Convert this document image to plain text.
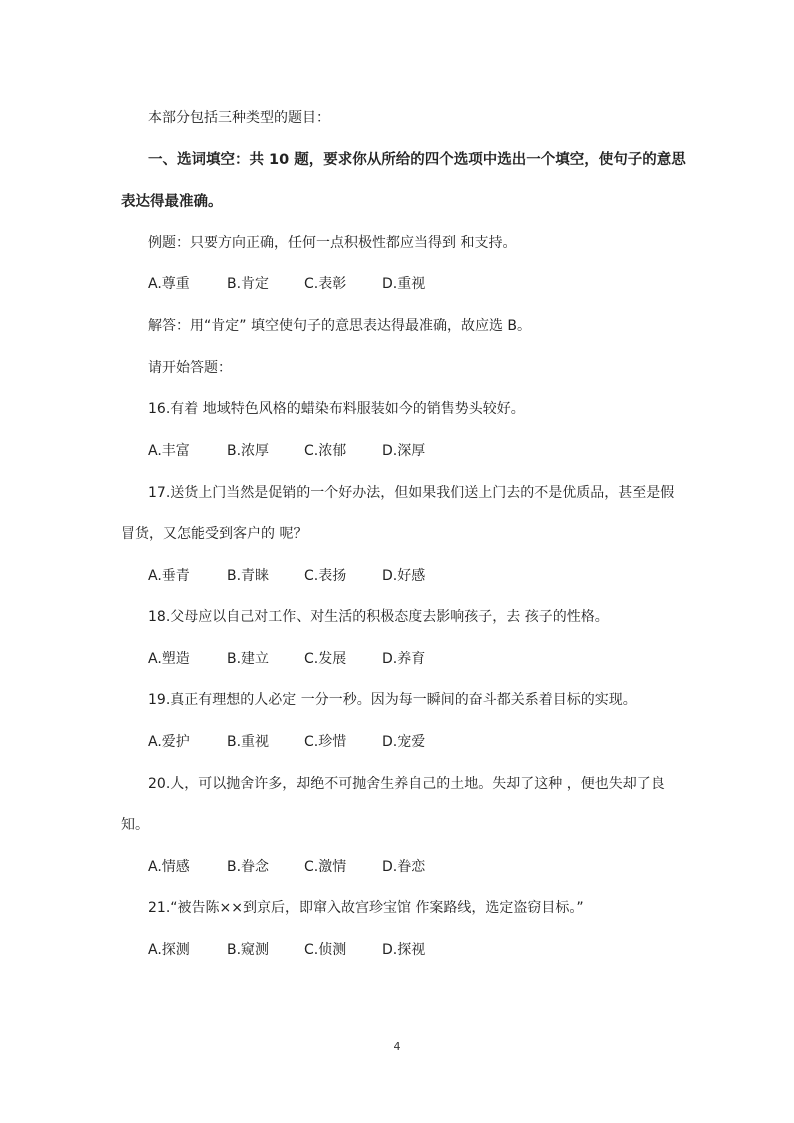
本部分包括三种类型的题目：
一、选词填空：共 10 题，要求你从所给的四个选项中选出一个填空，使句子的意思
表达得最准确。
例题：只要方向正确，任何一点积极性都应当得到 和支持。
A.尊重	B.肯定 C.表彰	D.重视
解答：用“肯定” 填空使句子的意思表达得最准确，故应选 B。
请开始答题：
16.有着 地域特色风格的蜡染布料服装如今的销售势头较好。
A.丰富	B.浓厚 C.浓郁	D.深厚
17.送货上门当然是促销的一个好办法，但如果我们送上门去的不是优质品，甚至是假
冒货，又怎能受到客户的 呢？
A.垂青	B.青睐 C.表扬	D.好感
18.父母应以自己对工作、对生活的积极态度去影响孩子，去 孩子的性格。
A.塑造	B.建立 C.发展	D.养育
19.真正有理想的人必定 一分一秒。因为每一瞬间的奋斗都关系着目标的实现。
A.爱护	B.重视 C.珍惜	D.宠爱
20.人，可以抛舍许多，却绝不可抛舍生养自己的土地。失却了这种 ，便也失却了良
知。
A.情感	B.眷念 C.激情	D.眷恋
21.“被告陈××到京后，即窜入故宫珍宝馆 作案路线，选定盗窃目标。”
A.探测	B.窥测 C.侦测	D.探视
4
